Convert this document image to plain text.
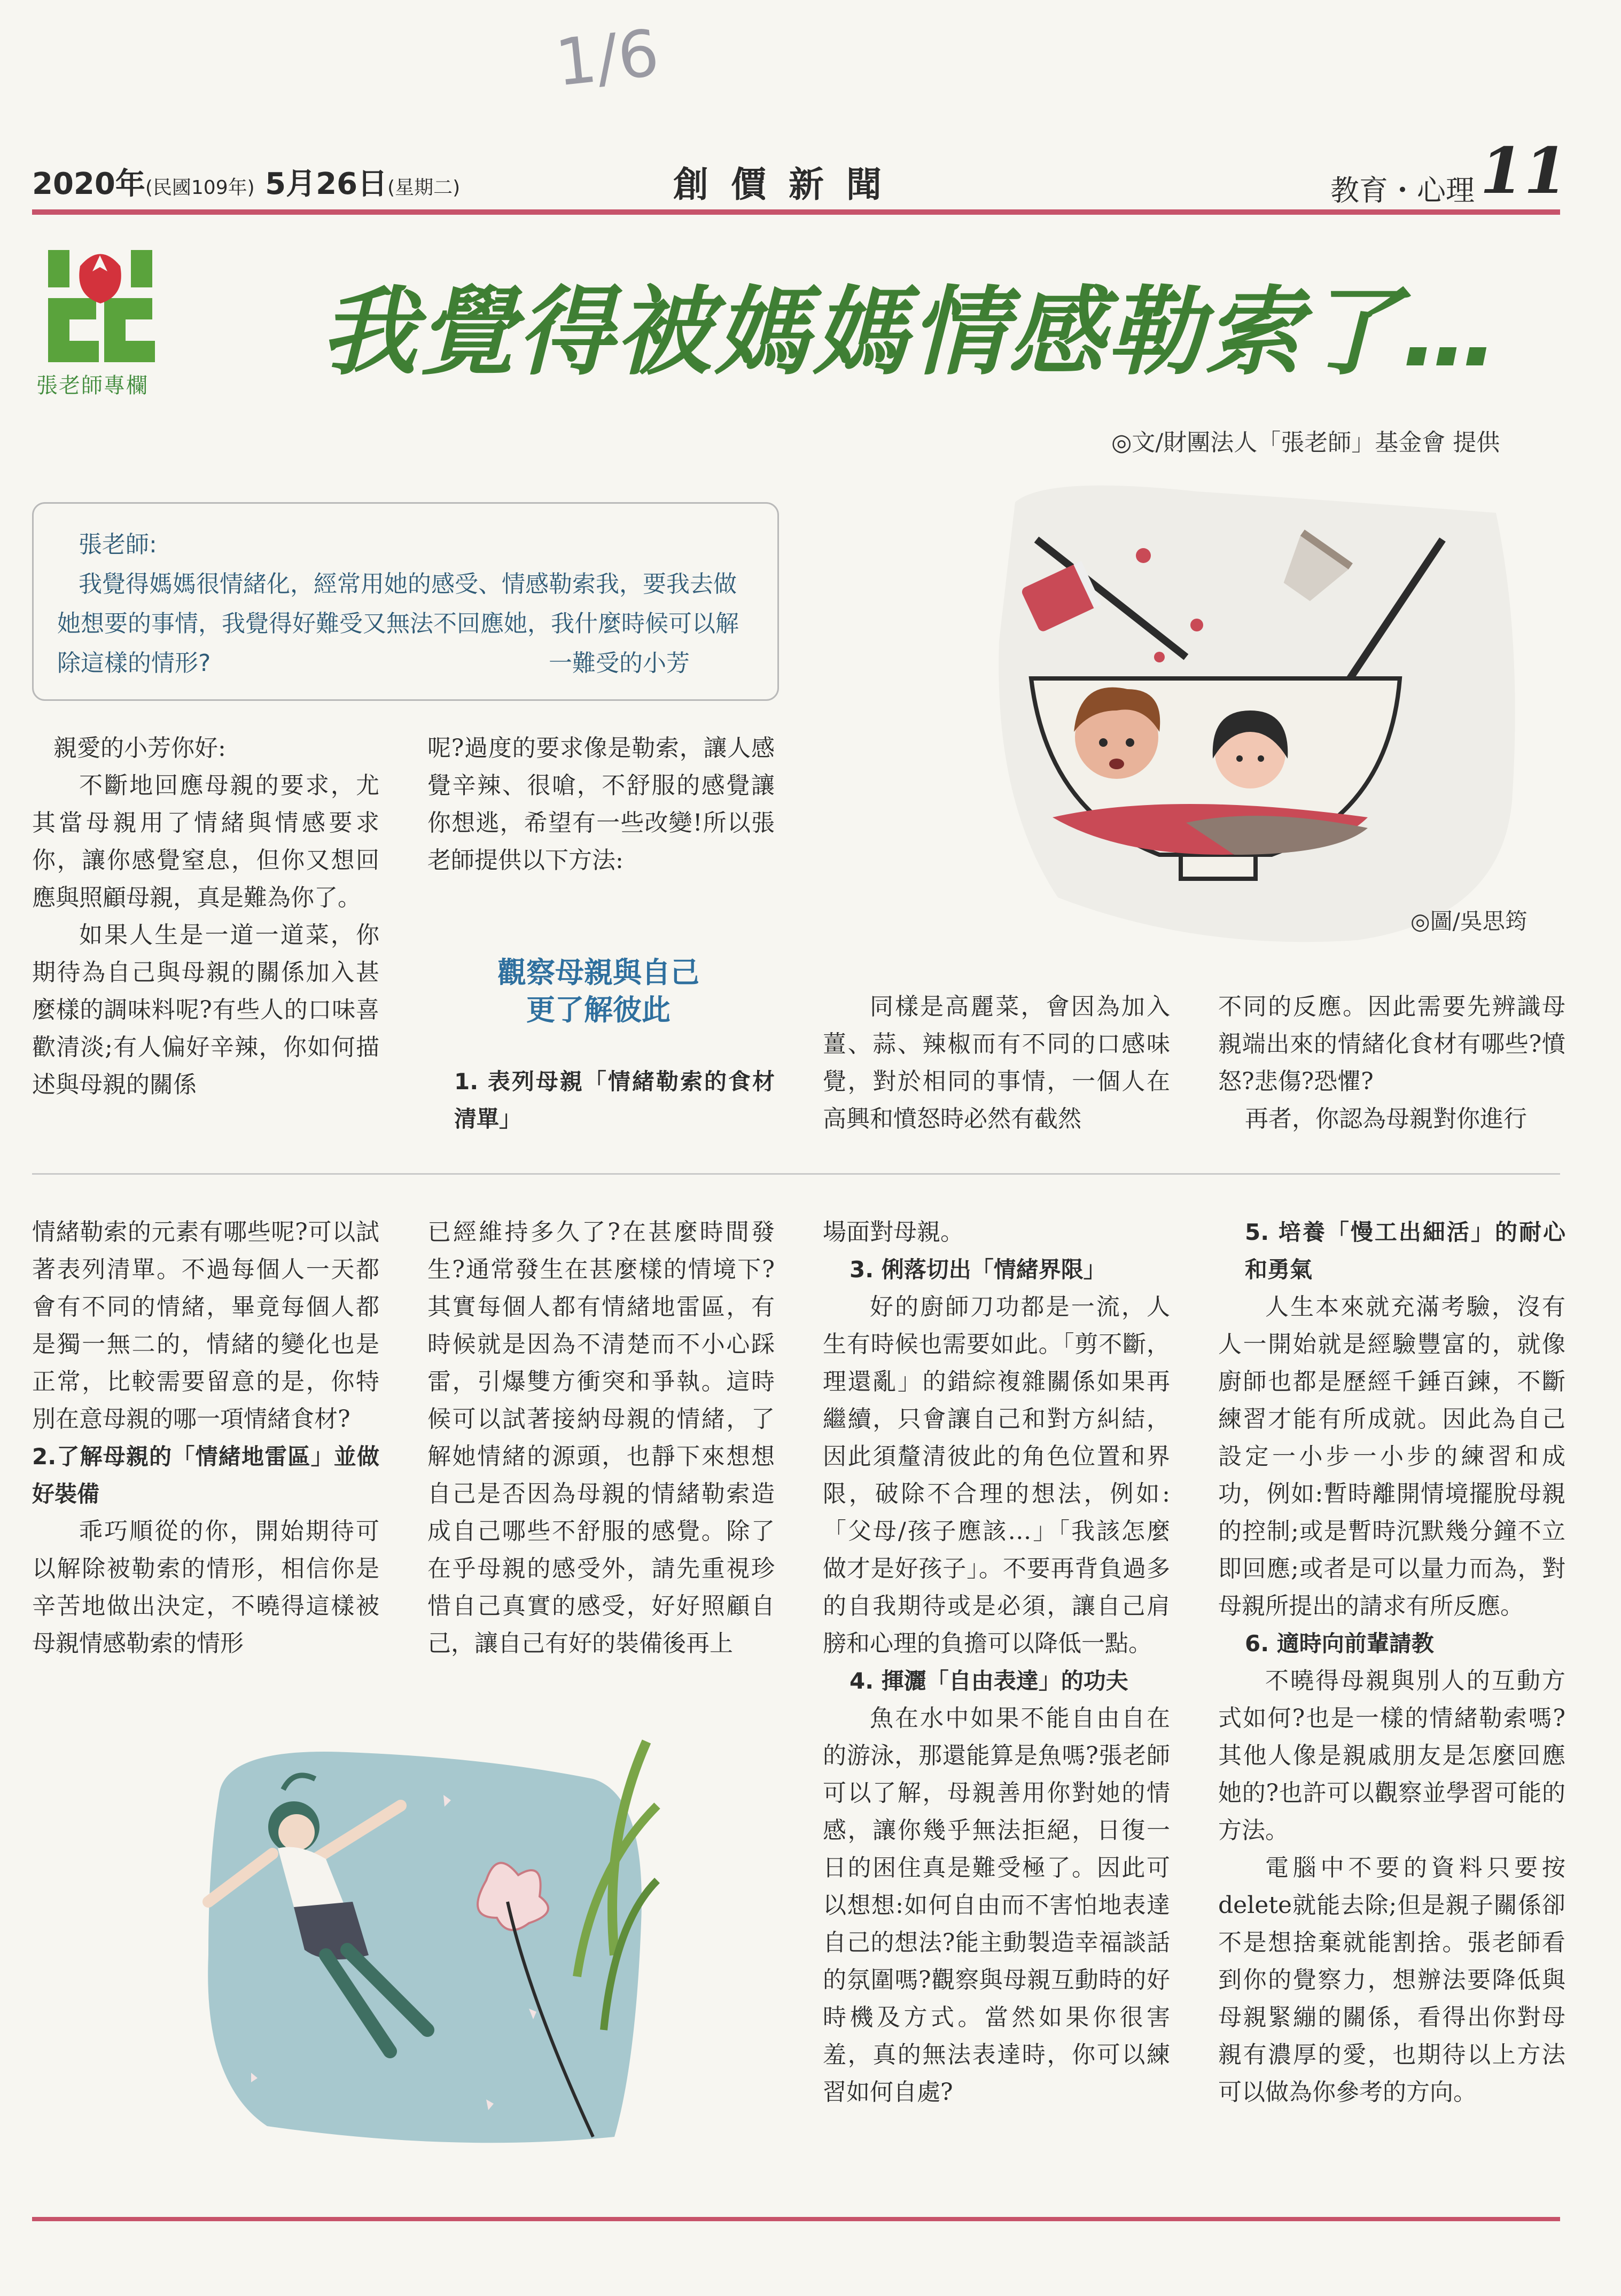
1/6
2020年(民國109年) 5月26日(星期二)	創價新聞	教育・心理 11
張老師專欄 我覺得被媽媽情感勒索了…
◎文/財團法人「張老師」基金會 提供
張老師:
我覺得媽媽很情緒化，經常用她的感受、情感勒索我，要我去做她想要的事情，我覺得好難受又無法不回應她，我什麼時候可以解除這樣的情形?	一難受的小芳
◎圖/吳思筠

親愛的小芳你好:

不斷地回應母親的要求，尤其當母親用了情緒與情感要求你，讓你感覺窒息，但你又想回應與照顧母親，真是難為你了。

如果人生是一道一道菜，你期待為自己與母親的關係加入甚麼樣的調味料呢?有些人的口味喜歡清淡;有人偏好辛辣，你如何描述與母親的關係

呢?過度的要求像是勒索，讓人感覺辛辣、很嗆，不舒服的感覺讓你想逃，希望有一些改變!所以張老師提供以下方法:

觀察母親與自己
更了解彼此

1. 表列母親「情緒勒索的食材清單」

同樣是高麗菜，會因為加入薑、蒜、辣椒而有不同的口感味覺，對於相同的事情，一個人在高興和憤怒時必然有截然

不同的反應。因此需要先辨識母親端出來的情緒化食材有哪些?憤怒?悲傷?恐懼?

再者，你認為母親對你進行

情緒勒索的元素有哪些呢?可以試著表列清單。不過每個人一天都會有不同的情緒，畢竟每個人都是獨一無二的，情緒的變化也是正常，比較需要留意的是，你特別在意母親的哪一項情緒食材?

2.了解母親的「情緒地雷區」並做好裝備

乖巧順從的你，開始期待可以解除被勒索的情形，相信你是辛苦地做出決定，不曉得這樣被母親情感勒索的情形

已經維持多久了?在甚麼時間發生?通常發生在甚麼樣的情境下?其實每個人都有情緒地雷區，有時候就是因為不清楚而不小心踩雷，引爆雙方衝突和爭執。這時候可以試著接納母親的情緒，了解她情緒的源頭，也靜下來想想自己是否因為母親的情緒勒索造成自己哪些不舒服的感覺。除了在乎母親的感受外，請先重視珍惜自己真實的感受，好好照顧自己，讓自己有好的裝備後再上

場面對母親。

3. 俐落切出「情緒界限」

好的廚師刀功都是一流，人生有時候也需要如此。「剪不斷，理還亂」的錯綜複雜關係如果再繼續，只會讓自己和對方糾結，因此須釐清彼此的角色位置和界限，破除不合理的想法，例如:「父母/孩子應該…」「我該怎麼做才是好孩子」。不要再背負過多的自我期待或是必須，讓自己肩膀和心理的負擔可以降低一點。

4. 揮灑「自由表達」的功夫

魚在水中如果不能自由自在的游泳，那還能算是魚嗎?張老師可以了解，母親善用你對她的情感，讓你幾乎無法拒絕，日復一日的困住真是難受極了。因此可以想想:如何自由而不害怕地表達自己的想法?能主動製造幸福談話的氛圍嗎?觀察與母親互動時的好時機及方式。當然如果你很害羞，真的無法表達時，你可以練習如何自處?

5. 培養「慢工出細活」的耐心和勇氣

人生本來就充滿考驗，沒有人一開始就是經驗豐富的，就像廚師也都是歷經千錘百鍊，不斷練習才能有所成就。因此為自己設定一小步一小步的練習和成功，例如:暫時離開情境擺脫母親的控制;或是暫時沉默幾分鐘不立即回應;或者是可以量力而為，對母親所提出的請求有所反應。

6. 適時向前輩請教

不曉得母親與別人的互動方式如何?也是一樣的情緒勒索嗎?其他人像是親戚朋友是怎麼回應她的?也許可以觀察並學習可能的方法。

電腦中不要的資料只要按delete就能去除;但是親子關係卻不是想捨棄就能割捨。張老師看到你的覺察力，想辦法要降低與母親緊繃的關係，看得出你對母親有濃厚的愛，也期待以上方法可以做為你參考的方向。
